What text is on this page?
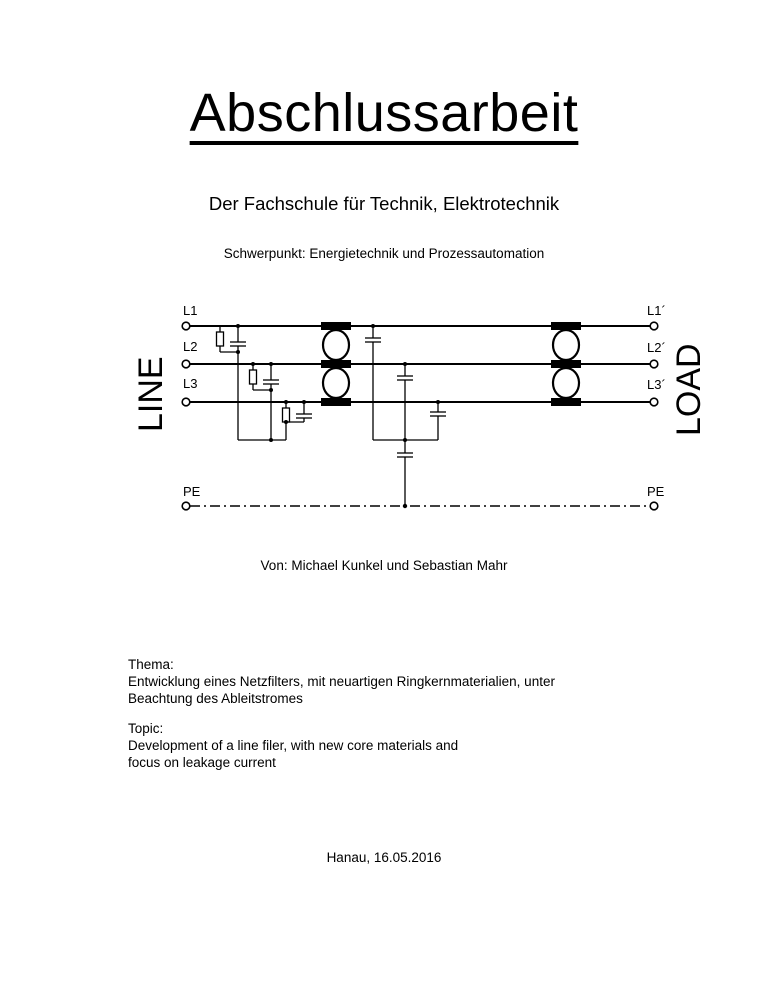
Abschlussarbeit
Der Fachschule für Technik, Elektrotechnik
Schwerpunkt: Energietechnik und Prozessautomation
LINE	LOAD
L1
L2
L3
PE
L1´
L2´
L3´
PE
Von: Michael Kunkel und Sebastian Mahr
Thema:
Entwicklung eines Netzfilters, mit neuartigen Ringkernmaterialien, unter
Beachtung des Ableitstromes
Topic:
Development of a line filer, with new core materials and
focus on leakage current
Hanau, 16.05.2016
